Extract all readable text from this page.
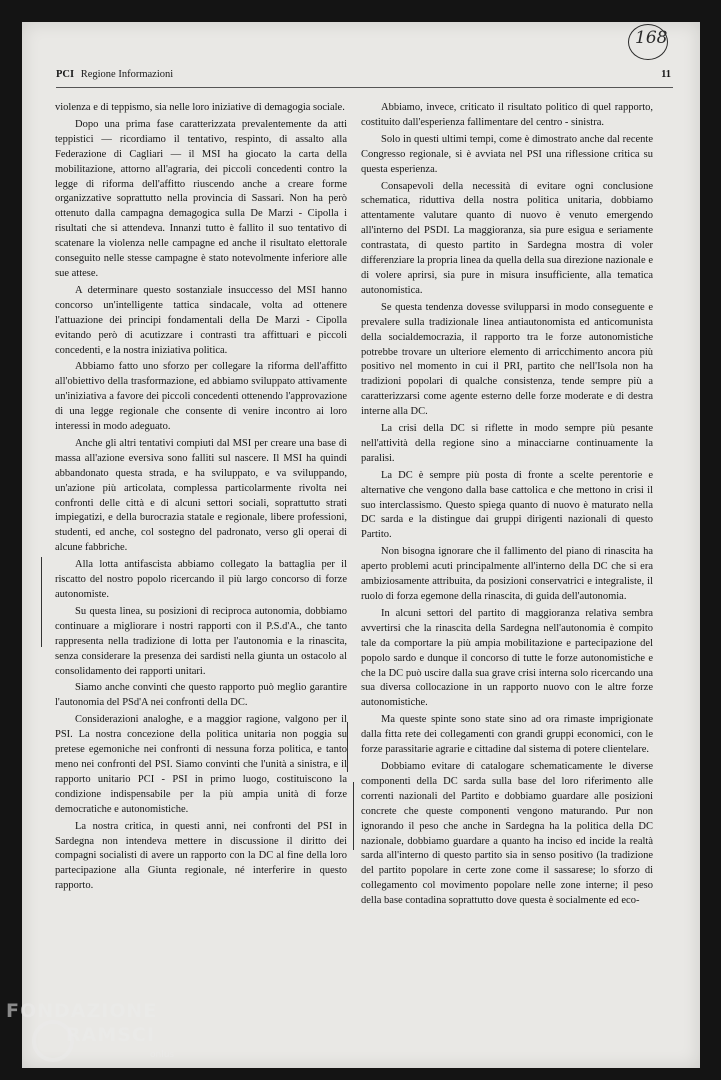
168
PCI Regione Informazioni	11

violenza e di teppismo, sia nelle loro iniziative di demagogia sociale.

Dopo una prima fase caratterizzata prevalentemente da atti teppistici — ricordiamo il tentativo, respinto, di assalto alla Federazione di Cagliari — il MSI ha giocato la carta della mobilitazione, attorno all'agraria, dei piccoli concedenti contro la legge di riforma dell'affitto riuscendo anche a creare forme organizzative soprattutto nella provincia di Sassari. Non ha però ottenuto dalla campagna demagogica sulla De Marzi - Cipolla i risultati che si attendeva. Innanzi tutto è fallito il suo tentativo di scatenare la violenza nelle campagne ed anche il risultato elettorale conseguito nelle stesse campagne è stato notevolmente inferiore alle sue attese.

A determinare questo sostanziale insuccesso del MSI hanno concorso un'intelligente tattica sindacale, volta ad ottenere l'attuazione dei principi fondamentali della De Marzi - Cipolla evitando però di acutizzare i contrasti tra affittuari e piccoli concedenti, e la nostra iniziativa politica.

Abbiamo fatto uno sforzo per collegare la riforma dell'affitto all'obiettivo della trasformazione, ed abbiamo sviluppato attivamente un'iniziativa a favore dei piccoli concedenti ottenendo l'approvazione di una legge regionale che consente di venire incontro ai loro interessi in modo adeguato.

Anche gli altri tentativi compiuti dal MSI per creare una base di massa all'azione eversiva sono falliti sul nascere. Il MSI ha quindi abbandonato questa strada, e ha sviluppato, e va sviluppando, un'azione più articolata, complessa particolarmente rivolta nei confronti delle città e di alcuni settori sociali, soprattutto strati impiegatizi, e della burocrazia statale e regionale, libere professioni, studenti, ed anche, col sostegno del padronato, verso gli operai di alcune fabbriche.

Alla lotta antifascista abbiamo collegato la battaglia per il riscatto del nostro popolo ricercando il più largo concorso di forze autonomiste.

Su questa linea, su posizioni di reciproca autonomia, dobbiamo continuare a migliorare i nostri rapporti con il P.S.d'A., che tanto rappresenta nella tradizione di lotta per l'autonomia e la rinascita, senza considerare la presenza dei sardisti nella giunta un ostacolo al consolidamento dei rapporti unitari.

Siamo anche convinti che questo rapporto può meglio garantire l'autonomia del PSd'A nei confronti della DC.

Considerazioni analoghe, e a maggior ragione, valgono per il PSI. La nostra concezione della politica unitaria non poggia su pretese egemoniche nei confronti di nessuna forza politica, e tanto meno nei confronti del PSI. Siamo convinti che l'unità a sinistra, e il rapporto unitario PCI - PSI in primo luogo, costituiscono la condizione indispensabile per la più ampia unità di forze democratiche e autonomistiche.

La nostra critica, in questi anni, nei confronti del PSI in Sardegna non intendeva mettere in discussione il diritto dei compagni socialisti di avere un rapporto con la DC al fine della loro partecipazione alla Giunta regionale, né interferire in questo rapporto.

Abbiamo, invece, criticato il risultato politico di quel rapporto, costituito dall'esperienza fallimentare del centro - sinistra.

Solo in questi ultimi tempi, come è dimostrato anche dal recente Congresso regionale, si è avviata nel PSI una riflessione critica su questa esperienza.

Consapevoli della necessità di evitare ogni conclusione schematica, riduttiva della nostra politica unitaria, dobbiamo attentamente valutare quanto di nuovo è venuto emergendo all'interno del PSDI. La maggioranza, sia pure esigua e seriamente contrastata, di questo partito in Sardegna mostra di voler differenziare la propria linea da quella della sua direzione nazionale e di volere aprirsi, sia pure in misura insufficiente, alla tematica autonomistica.

Se questa tendenza dovesse svilupparsi in modo conseguente e prevalere sulla tradizionale linea antiautonomista ed anticomunista della socialdemocrazia, il rapporto tra le forze autonomistiche potrebbe trovare un ulteriore elemento di arricchimento ancora più positivo nel momento in cui il PRI, partito che nell'Isola non ha tradizioni popolari di qualche consistenza, tende sempre più a caratterizzarsi come agente esterno delle forze moderate e di destra interne alla DC.

La crisi della DC si riflette in modo sempre più pesante nell'attività della regione sino a minacciarne continuamente la paralisi.

La DC è sempre più posta di fronte a scelte perentorie e alternative che vengono dalla base cattolica e che mettono in crisi il suo interclassismo. Questo spiega quanto di nuovo è maturato nella DC sarda e la distingue dai gruppi dirigenti nazionali di questo Partito.

Non bisogna ignorare che il fallimento del piano di rinascita ha aperto problemi acuti principalmente all'interno della DC che si era ambiziosamente attribuita, da posizioni conservatrici e integraliste, il ruolo di forza egemone della rinascita, di guida dell'autonomia.

In alcuni settori del partito di maggioranza relativa sembra avvertirsi che la rinascita della Sardegna nell'autonomia è compito tale da comportare la più ampia mobilitazione e partecipazione del popolo sardo e dunque il concorso di tutte le forze autonomistiche e che la DC può uscire dalla sua grave crisi interna solo ricercando una sua diversa collocazione in un rapporto nuovo con le altre forze autonomistiche.

Ma queste spinte sono state sino ad ora rimaste imprigionate dalla fitta rete dei collegamenti con grandi gruppi economici, con le forze parassitarie agrarie e cittadine dal sistema di potere clientelare.

Dobbiamo evitare di catalogare schematicamente le diverse componenti della DC sarda sulla base del loro riferimento alle correnti nazionali del Partito e dobbiamo guardare alle posizioni concrete che queste componenti vengono maturando. Pur non ignorando il peso che anche in Sardegna ha la politica della DC nazionale, dobbiamo guardare a quanto ha inciso ed incide la realtà sarda all'interno di questo partito sia in senso positivo (la tradizione del partito popolare in certe zone come il sassarese; lo sforzo di collegamento col movimento popolare nelle zone interne; il peso della base contadina soprattutto dove questa è socialmente ed eco-

FONDAZIONE
RAMSCI
onlus
